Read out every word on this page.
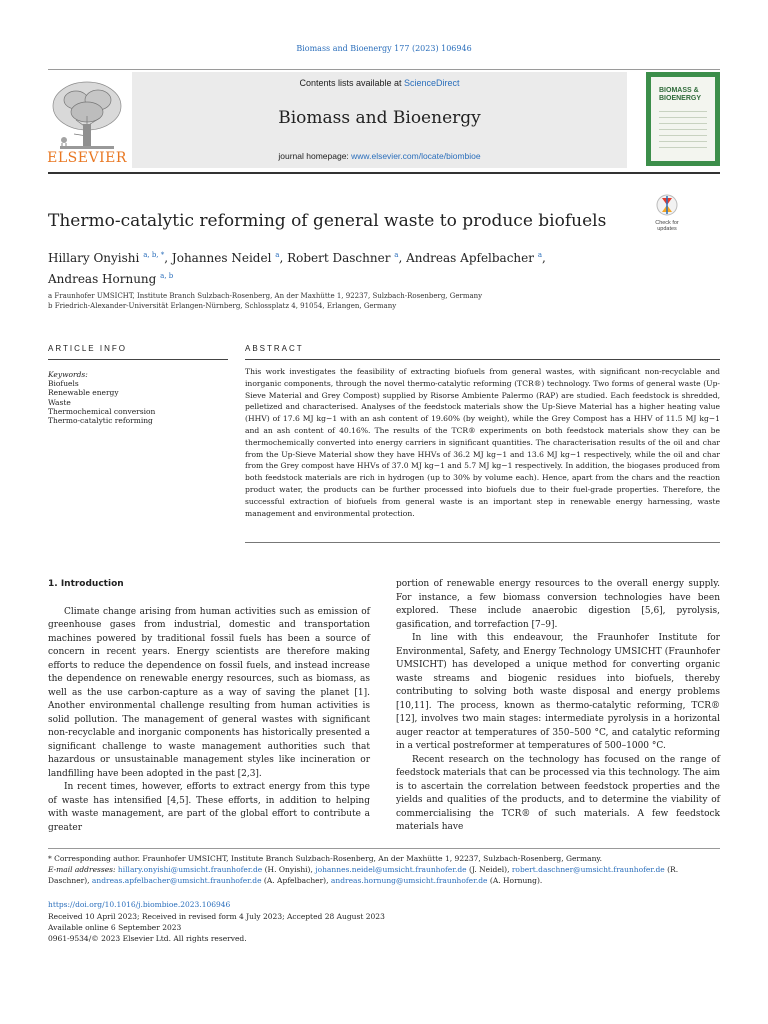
Biomass and Bioenergy 177 (2023) 106946
ELSEVIER
Contents lists available at ScienceDirect
Biomass and Bioenergy
journal homepage: www.elsevier.com/locate/biombioe
BIOMASS &
BIOENERGY
Thermo-catalytic reforming of general waste to produce biofuels	Check for
updates
Hillary Onyishi $^{a, b, *}$, Johannes Neidel $^a$, Robert Daschner $^a$, Andreas Apfelbacher $^a$,
Andreas Hornung $^{a, b}$
a Fraunhofer UMSICHT, Institute Branch Sulzbach-Rosenberg, An der Maxhütte 1, 92237, Sulzbach-Rosenberg, Germany
b Friedrich-Alexander-Universität Erlangen-Nürnberg, Schlossplatz 4, 91054, Erlangen, Germany
ARTICLE INFO	ABSTRACT
Keywords:
Biofuels
Renewable energy
Waste
Thermochemical conversion
Thermo-catalytic reforming
This work investigates the feasibility of extracting biofuels from general wastes, with significant non-recyclable and inorganic components, through the novel thermo-catalytic reforming (TCR®) technology. Two forms of general waste (Up-Sieve Material and Grey Compost) supplied by Risorse Ambiente Palermo (RAP) are studied. Each feedstock is shredded, pelletized and characterised. Analyses of the feedstock materials show the Up-Sieve Material has a higher heating value (HHV) of 17.6 MJ kg−1 with an ash content of 19.60% (by weight), while the Grey Compost has a HHV of 11.5 MJ kg−1 and an ash content of 40.16%. The results of the TCR® experiments on both feedstock materials show they can be thermochemically converted into energy carriers in significant quantities. The characterisation results of the oil and char from the Up-Sieve Material show they have HHVs of 36.2 MJ kg−1 and 13.6 MJ kg−1 respectively, while the oil and char from the Grey compost have HHVs of 37.0 MJ kg−1 and 5.7 MJ kg−1 respectively. In addition, the biogases produced from both feedstock materials are rich in hydrogen (up to 30% by volume each). Hence, apart from the chars and the reaction product water, the products can be further processed into biofuels due to their fuel-grade properties. Therefore, the successful extraction of biofuels from general waste is an important step in renewable energy harnessing, waste management and environmental protection.
1. Introduction

Climate change arising from human activities such as emission of greenhouse gases from industrial, domestic and transportation machines powered by traditional fossil fuels has been a source of concern in recent years. Energy scientists are therefore making efforts to reduce the dependence on fossil fuels, and instead increase the dependence on renewable energy resources, such as biomass, as well as the use carbon-capture as a way of saving the planet [1]. Another environmental challenge resulting from human activities is solid pollution. The management of general wastes with significant non-recyclable and inorganic components has historically presented a significant challenge to waste management authorities such that hazardous or unsustainable management styles like incineration or landfilling have been adopted in the past [2,3].

In recent times, however, efforts to extract energy from this type of waste has intensified [4,5]. These efforts, in addition to helping with waste management, are part of the global effort to contribute a greater

portion of renewable energy resources to the overall energy supply. For instance, a few biomass conversion technologies have been explored. These include anaerobic digestion [5,6], pyrolysis, gasification, and torrefaction [7–9].

In line with this endeavour, the Fraunhofer Institute for Environmental, Safety, and Energy Technology UMSICHT (Fraunhofer UMSICHT) has developed a unique method for converting organic waste streams and biogenic residues into biofuels, thereby contributing to solving both waste disposal and energy problems [10,11]. The process, known as thermo-catalytic reforming, TCR® [12], involves two main stages: intermediate pyrolysis in a horizontal auger reactor at temperatures of 350–500 °C, and catalytic reforming in a vertical postreformer at temperatures of 500–1000 °C.

Recent research on the technology has focused on the range of feedstock materials that can be processed via this technology. The aim is to ascertain the correlation between feedstock properties and the yields and qualities of the products, and to determine the viability of commercialising the TCR® of such materials. A few feedstock materials have

* Corresponding author. Fraunhofer UMSICHT, Institute Branch Sulzbach-Rosenberg, An der Maxhütte 1, 92237, Sulzbach-Rosenberg, Germany.
E-mail addresses: hillary.onyishi@umsicht.fraunhofer.de (H. Onyishi), johannes.neidel@umsicht.fraunhofer.de (J. Neidel), robert.daschner@umsicht.fraunhofer.de (R. Daschner), andreas.apfelbacher@umsicht.fraunhofer.de (A. Apfelbacher), andreas.hornung@umsicht.fraunhofer.de (A. Hornung).
https://doi.org/10.1016/j.biombioe.2023.106946
Received 10 April 2023; Received in revised form 4 July 2023; Accepted 28 August 2023
Available online 6 September 2023
0961-9534/© 2023 Elsevier Ltd. All rights reserved.
